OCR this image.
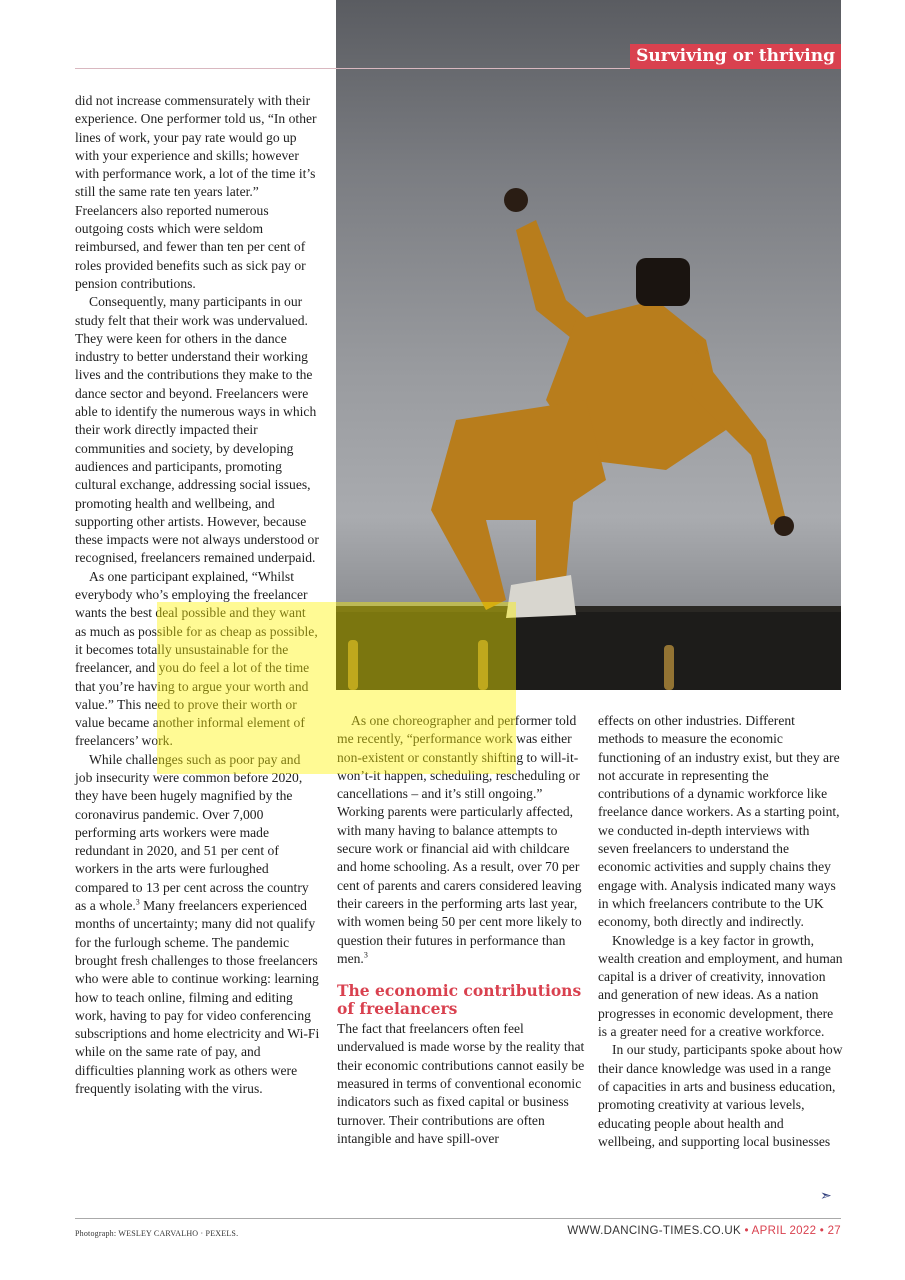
Surviving or thriving

did not increase commensurately with their experience. One performer told us, “In other lines of work, your pay rate would go up with your experience and skills; however with performance work, a lot of the time it’s still the same rate ten years later.” Freelancers also reported numerous outgoing costs which were seldom reimbursed, and fewer than ten per cent of roles provided benefits such as sick pay or pension contributions.

Consequently, many participants in our study felt that their work was undervalued. They were keen for others in the dance industry to better understand their working lives and the contributions they make to the dance sector and beyond. Freelancers were able to identify the numerous ways in which their work directly impacted their communities and society, by developing audiences and participants, promoting cultural exchange, addressing social issues, promoting health and wellbeing, and supporting other artists. However, because these impacts were not always understood or recognised, freelancers remained underpaid.

As one participant explained, “Whilst everybody who’s employing the freelancer wants the best deal possible and they want as much as possible for as cheap as possible, it becomes totally unsustainable for the freelancer, and you do feel a lot of the time that you’re having to argue your worth and value.” This need to prove their worth or value became another informal element of freelancers’ work.

While challenges such as poor pay and job insecurity were common before 2020, they have been hugely magnified by the coronavirus pandemic. Over 7,000 performing arts workers were made redundant in 2020, and 51 per cent of workers in the arts were furloughed compared to 13 per cent across the country as a whole.$^3$ Many freelancers experienced months of uncertainty; many did not qualify for the furlough scheme. The pandemic brought fresh challenges to those freelancers who were able to continue working: learning how to teach online, filming and editing work, having to pay for video conferencing subscriptions and home electricity and Wi-Fi while on the same rate of pay, and difficulties planning work as others were frequently isolating with the virus.

As one choreographer and performer told me recently, “performance work was either non-existent or constantly shifting to will-it-won’t-it happen, scheduling, rescheduling or cancellations – and it’s still ongoing.” Working parents were particularly affected, with many having to balance attempts to secure work or financial aid with childcare and home schooling. As a result, over 70 per cent of parents and carers considered leaving their careers in the performing arts last year, with women being 50 per cent more likely to question their futures in performance than men.$^3$

The economic contributions of freelancers

The fact that freelancers often feel undervalued is made worse by the reality that their economic contributions cannot easily be measured in terms of conventional economic indicators such as fixed capital or business turnover. Their contributions are often intangible and have spill-over

effects on other industries. Different methods to measure the economic functioning of an industry exist, but they are not accurate in representing the contributions of a dynamic workforce like freelance dance workers. As a starting point, we conducted in-depth interviews with seven freelancers to understand the economic activities and supply chains they engage with. Analysis indicated many ways in which freelancers contribute to the UK economy, both directly and indirectly.

Knowledge is a key factor in growth, wealth creation and employment, and human capital is a driver of creativity, innovation and generation of new ideas. As a nation progresses in economic development, there is a greater need for a creative workforce.

In our study, participants spoke about how their dance knowledge was used in a range of capacities in arts and business education, promoting creativity at various levels, educating people about health and wellbeing, and supporting local businesses

➣
Photograph: WESLEY CARVALHO · PEXELS.	WWW.DANCING-TIMES.CO.UK • APRIL 2022 • 27
